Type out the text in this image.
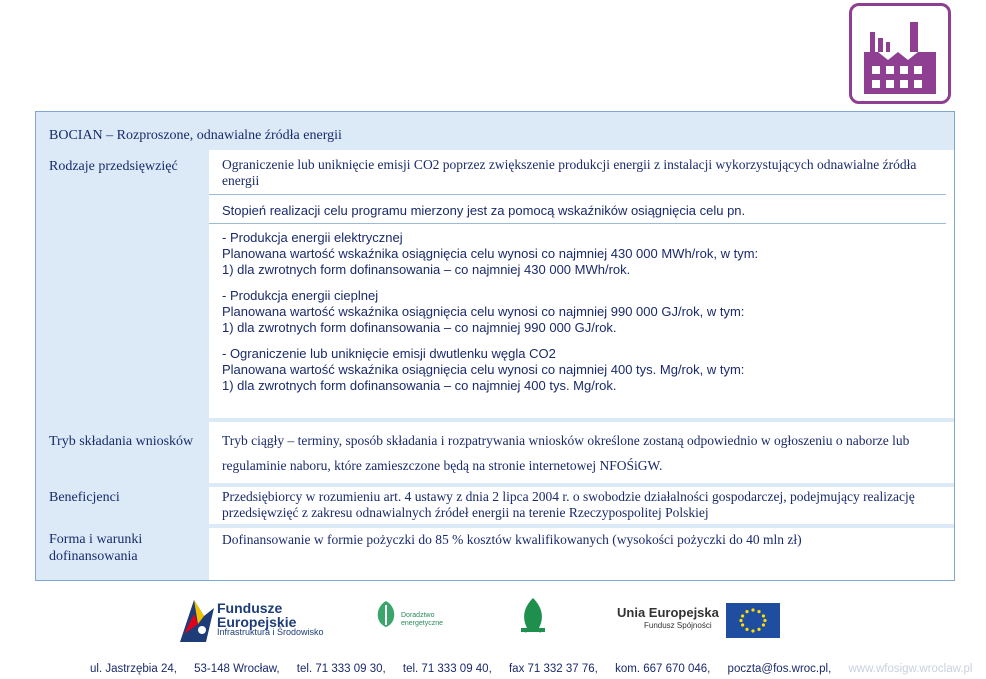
BOCIAN – Rozproszone, odnawialne źródła energii
Rodzaje przedsięwzięć	Ograniczenie lub uniknięcie emisji CO2 poprzez zwiększenie produkcji energii z instalacji wykorzystujących odnawialne źródła
energii
Stopień realizacji celu programu mierzony jest za pomocą wskaźników osiągnięcia celu pn.
- Produkcja energii elektrycznej
Planowana wartość wskaźnika osiągnięcia celu wynosi co najmniej 430 000 MWh/rok, w tym:
1) dla zwrotnych form dofinansowania – co najmniej 430 000 MWh/rok.
- Produkcja energii cieplnej
Planowana wartość wskaźnika osiągnięcia celu wynosi co najmniej 990 000 GJ/rok, w tym:
1) dla zwrotnych form dofinansowania – co najmniej 990 000 GJ/rok.
- Ograniczenie lub uniknięcie emisji dwutlenku węgla CO2
Planowana wartość wskaźnika osiągnięcia celu wynosi co najmniej 400 tys. Mg/rok, w tym:
1) dla zwrotnych form dofinansowania – co najmniej 400 tys. Mg/rok.
Tryb składania wniosków Tryb ciągły – terminy, sposób składania i rozpatrywania wniosków określone zostaną odpowiednio w ogłoszeniu o naborze lub
regulaminie naboru, które zamieszczone będą na stronie internetowej NFOŚiGW.
Beneficjenci	Przedsiębiorcy w rozumieniu art. 4 ustawy z dnia 2 lipca 2004 r. o swobodzie działalności gospodarczej, podejmujący realizację
przedsięwzięć z zakresu odnawialnych źródeł energii na terenie Rzeczypospolitej Polskiej
Forma i warunki
dofinansowania
Dofinansowanie w formie pożyczki do 85 % kosztów kwalifikowanych (wysokości pożyczki do 40 mln zł)
Fundusze
Europejskie
Infrastruktura i Środowisko
Doradztwo
energetyczne
Unia Europejska
Fundusz Spójności
ul. Jastrzębia 24, 53-148 Wrocław, tel. 71 333 09 30, tel. 71 333 09 40, fax 71 332 37 76, kom. 667 670 046, poczta@fos.wroc.pl, www.wfosigw.wroclaw.pl
